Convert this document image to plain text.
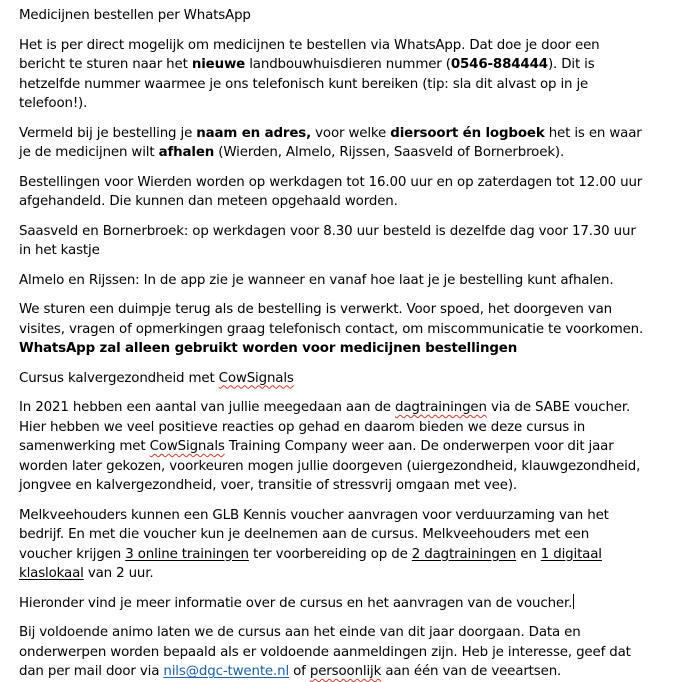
Medicijnen bestellen per WhatsApp

Het is per direct mogelijk om medicijnen te bestellen via WhatsApp. Dat doe je door een bericht te sturen naar het nieuwe landbouwhuisdieren nummer (0546-884444). Dit is hetzelfde nummer waarmee je ons telefonisch kunt bereiken (tip: sla dit alvast op in je telefoon!).

Vermeld bij je bestelling je naam en adres, voor welke diersoort én logboek het is en waar je de medicijnen wilt afhalen (Wierden, Almelo, Rijssen, Saasveld of Bornerbroek).

Bestellingen voor Wierden worden op werkdagen tot 16.00 uur en op zaterdagen tot 12.00 uur afgehandeld. Die kunnen dan meteen opgehaald worden.

Saasveld en Bornerbroek: op werkdagen voor 8.30 uur besteld is dezelfde dag voor 17.30 uur in het kastje

Almelo en Rijssen: In de app zie je wanneer en vanaf hoe laat je je bestelling kunt afhalen.

We sturen een duimpje terug als de bestelling is verwerkt. Voor spoed, het doorgeven van visites, vragen of opmerkingen graag telefonisch contact, om miscommunicatie te voorkomen.
WhatsApp zal alleen gebruikt worden voor medicijnen bestellingen

Cursus kalvergezondheid met CowSignals

In 2021 hebben een aantal van jullie meegedaan aan de dagtrainingen via de SABE voucher. Hier hebben we veel positieve reacties op gehad en daarom bieden we deze cursus in samenwerking met CowSignals Training Company weer aan. De onderwerpen voor dit jaar worden later gekozen, voorkeuren mogen jullie doorgeven (uiergezondheid, klauwgezondheid, jongvee en kalvergezondheid, voer, transitie of stressvrij omgaan met vee).

Melkveehouders kunnen een GLB Kennis voucher aanvragen voor verduurzaming van het bedrijf. En met die voucher kun je deelnemen aan de cursus. Melkveehouders met een voucher krijgen 3 online trainingen ter voorbereiding op de 2 dagtrainingen en 1 digitaal klaslokaal van 2 uur.

Hieronder vind je meer informatie over de cursus en het aanvragen van de voucher.

Bij voldoende animo laten we de cursus aan het einde van dit jaar doorgaan. Data en onderwerpen worden bepaald als er voldoende aanmeldingen zijn. Heb je interesse, geef dat dan per mail door via nils@dgc-twente.nl of persoonlijk aan één van de veeartsen.
